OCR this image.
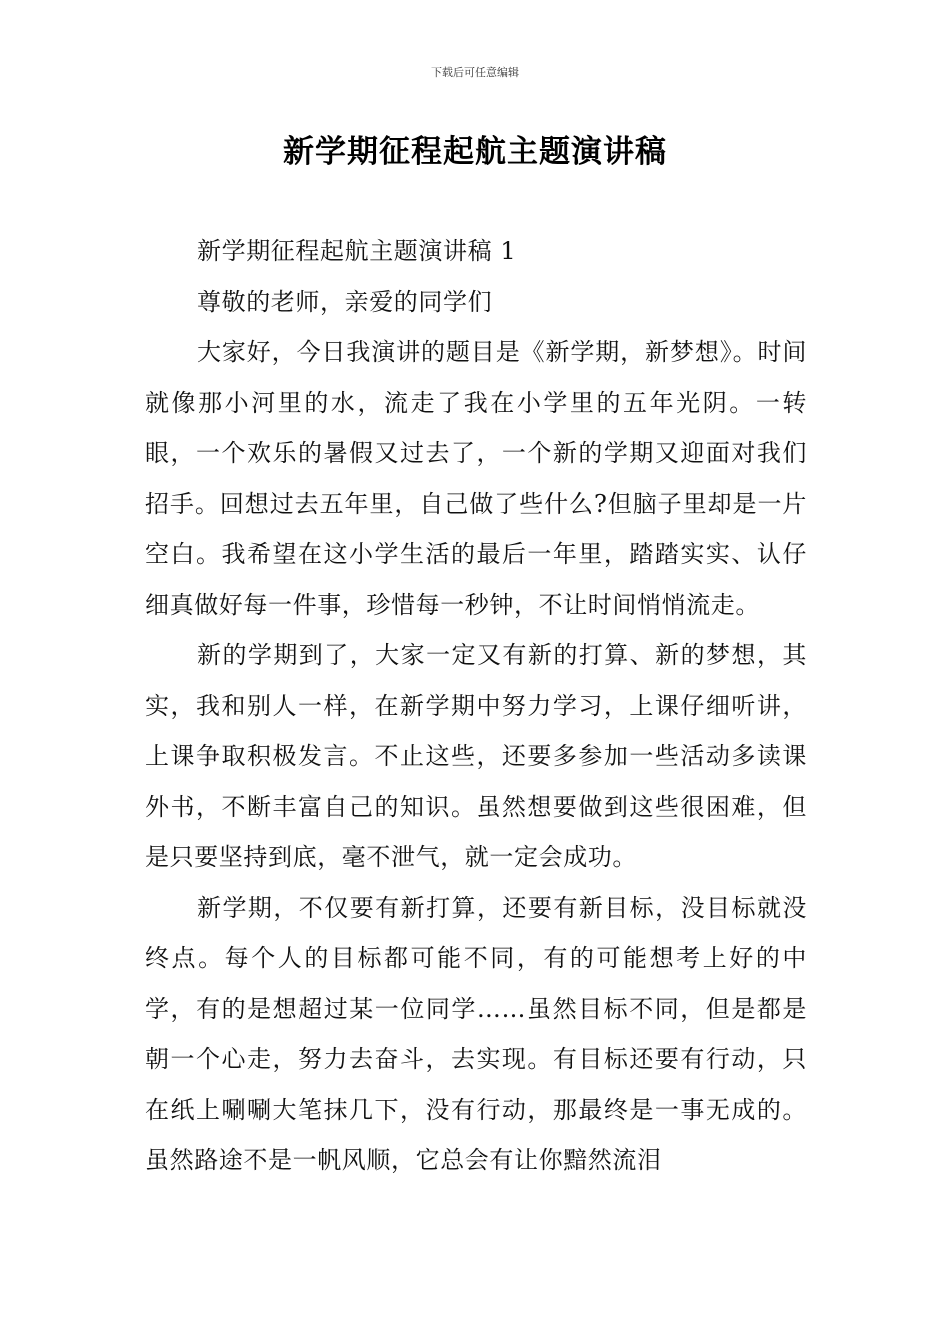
下载后可任意编辑
新学期征程起航主题演讲稿

新学期征程起航主题演讲稿 1

尊敬的老师，亲爱的同学们

大家好，今日我演讲的题目是《新学期，新梦想》。时间就像那小河里的水，流走了我在小学里的五年光阴。一转眼，一个欢乐的暑假又过去了，一个新的学期又迎面对我们招手。回想过去五年里，自己做了些什么?但脑子里却是一片空白。我希望在这小学生活的最后一年里，踏踏实实、认仔细真做好每一件事，珍惜每一秒钟，不让时间悄悄流走。

新的学期到了，大家一定又有新的打算、新的梦想，其实，我和别人一样，在新学期中努力学习，上课仔细听讲，上课争取积极发言。不止这些，还要多参加一些活动多读课外书，不断丰富自己的知识。虽然想要做到这些很困难，但是只要坚持到底，毫不泄气，就一定会成功。

新学期，不仅要有新打算，还要有新目标，没目标就没终点。每个人的目标都可能不同，有的可能想考上好的中学，有的是想超过某一位同学……虽然目标不同，但是都是朝一个心走，努力去奋斗，去实现。有目标还要有行动，只在纸上唰唰大笔抹几下，没有行动，那最终是一事无成的。虽然路途不是一帆风顺，它总会有让你黯然流泪
